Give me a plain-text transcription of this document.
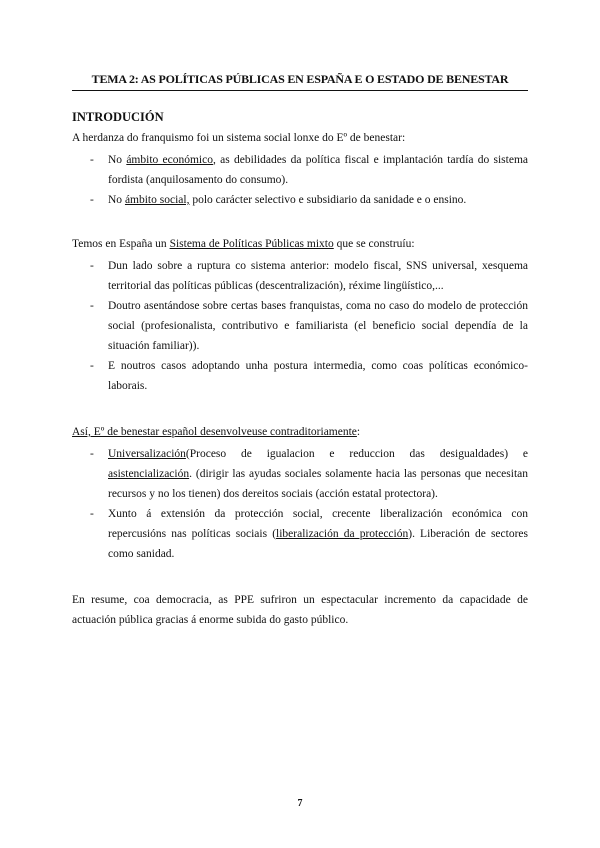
TEMA 2: AS POLÍTICAS PÚBLICAS EN ESPAÑA E O ESTADO DE BENESTAR
INTRODUCIÓN
A herdanza do franquismo foi un sistema social lonxe do Eº de benestar:
- No ámbito económico, as debilidades da política fiscal e implantación tardía do sistema fordista (anquilosamento do consumo).
- No ámbito social, polo carácter selectivo e subsidiario da sanidade e o ensino.
Temos en España un Sistema de Políticas Públicas mixto que se construíu:
- Dun lado sobre a ruptura co sistema anterior: modelo fiscal, SNS universal, xesquema territorial das políticas públicas (descentralización), réxime lingüístico,...
- Doutro asentándose sobre certas bases franquistas, coma no caso do modelo de protección social (profesionalista, contributivo e familiarista (el beneficio social dependía de la situación familiar)).
- E noutros casos adoptando unha postura intermedia, como coas políticas económico-laborais.
Así, Eº de benestar español desenvolveuse contraditoriamente:
- Universalización(Proceso de igualacion e reduccion das desigualdades) e asistencialización. (dirigir las ayudas sociales solamente hacia las personas que necesitan recursos y no los tienen) dos dereitos sociais (acción estatal protectora).
- Xunto á extensión da protección social, crecente liberalización económica con repercusións nas políticas sociais (liberalización da protección). Liberación de sectores como sanidad.
En resume, coa democracia, as PPE sufriron un espectacular incremento da capacidade de actuación pública gracias á enorme subida do gasto público.
7
